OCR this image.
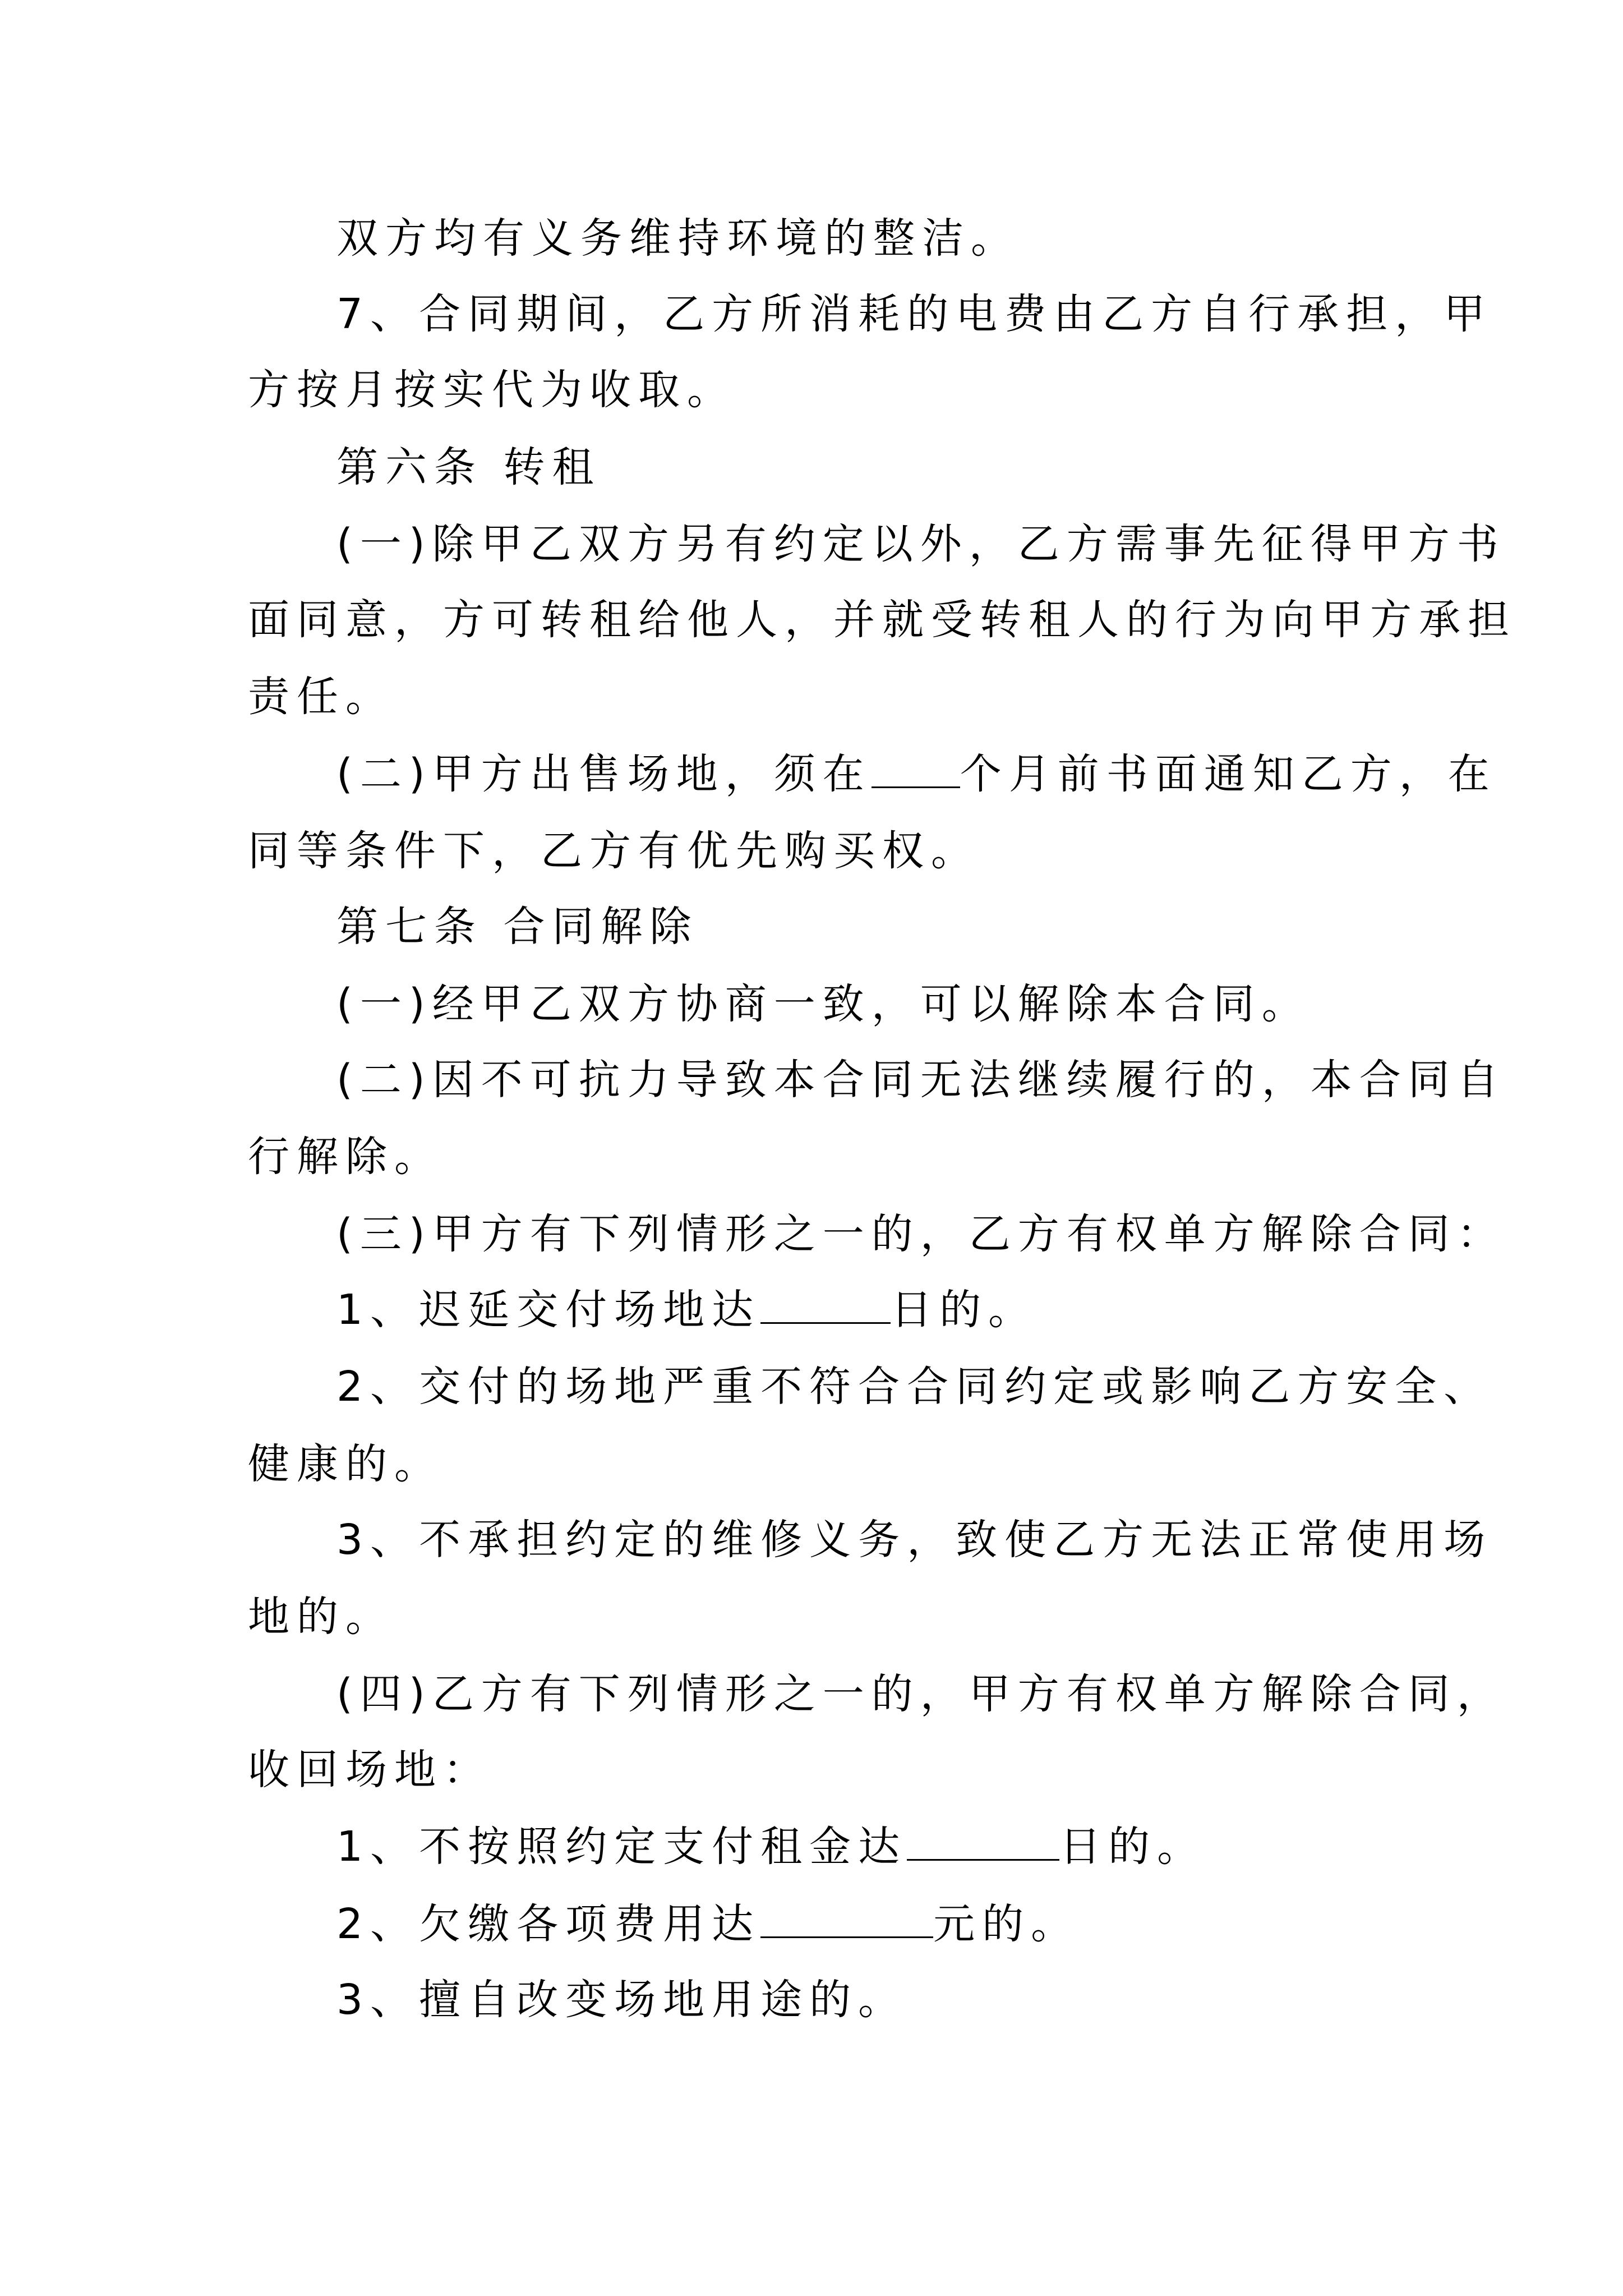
双方均有义务维持环境的整洁。
7、合同期间，乙方所消耗的电费由乙方自行承担，甲
方按月按实代为收取。
第六条 转租
(一)除甲乙双方另有约定以外，乙方需事先征得甲方书
面同意，方可转租给他人，并就受转租人的行为向甲方承担
责任。
(二)甲方出售场地，须在 个月前书面通知乙方，在
同等条件下，乙方有优先购买权。
第七条 合同解除
(一)经甲乙双方协商一致，可以解除本合同。
(二)因不可抗力导致本合同无法继续履行的，本合同自
行解除。
(三)甲方有下列情形之一的，乙方有权单方解除合同：
1、迟延交付场地达	日的。
2、交付的场地严重不符合合同约定或影响乙方安全、
健康的。
3、不承担约定的维修义务，致使乙方无法正常使用场
地的。
(四)乙方有下列情形之一的，甲方有权单方解除合同，
收回场地：
1、不按照约定支付租金达	日的。
2、欠缴各项费用达	元的。
3、擅自改变场地用途的。
